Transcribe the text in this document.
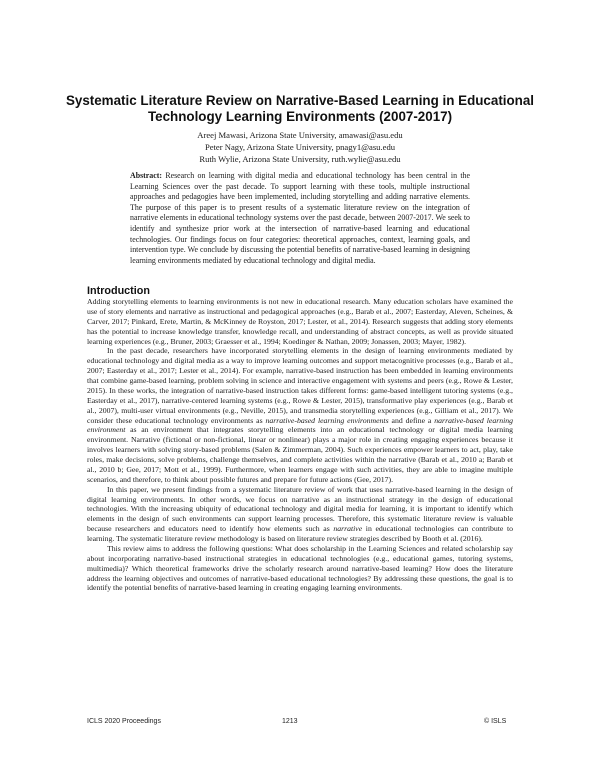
Systematic Literature Review on Narrative-Based Learning in Educational Technology Learning Environments (2007-2017)
Areej Mawasi, Arizona State University, amawasi@asu.edu
Peter Nagy, Arizona State University, pnagy1@asu.edu
Ruth Wylie, Arizona State University, ruth.wylie@asu.edu
Abstract: Research on learning with digital media and educational technology has been central in the Learning Sciences over the past decade. To support learning with these tools, multiple instructional approaches and pedagogies have been implemented, including storytelling and adding narrative elements. The purpose of this paper is to present results of a systematic literature review on the integration of narrative elements in educational technology systems over the past decade, between 2007-2017. We seek to identify and synthesize prior work at the intersection of narrative-based learning and educational technologies. Our findings focus on four categories: theoretical approaches, context, learning goals, and intervention type. We conclude by discussing the potential benefits of narrative-based learning in designing learning environments mediated by educational technology and digital media.
Introduction

Adding storytelling elements to learning environments is not new in educational research. Many education scholars have examined the use of story elements and narrative as instructional and pedagogical approaches (e.g., Barab et al., 2007; Easterday, Aleven, Scheines, & Carver, 2017; Pinkard, Erete, Martin, & McKinney de Royston, 2017; Lester, et al., 2014). Research suggests that adding story elements has the potential to increase knowledge transfer, knowledge recall, and understanding of abstract concepts, as well as provide situated learning experiences (e.g., Bruner, 2003; Graesser et al., 1994; Koedinger & Nathan, 2009; Jonassen, 2003; Mayer, 1982).

In the past decade, researchers have incorporated storytelling elements in the design of learning environments mediated by educational technology and digital media as a way to improve learning outcomes and support metacognitive processes (e.g., Barab et al., 2007; Easterday et al., 2017; Lester et al., 2014). For example, narrative-based instruction has been embedded in learning environments that combine game-based learning, problem solving in science and interactive engagement with systems and peers (e.g., Rowe & Lester, 2015). In these works, the integration of narrative-based instruction takes different forms: game-based intelligent tutoring systems (e.g., Easterday et al., 2017), narrative-centered learning systems (e.g., Rowe & Lester, 2015), transformative play experiences (e.g., Barab et al., 2007), multi-user virtual environments (e.g., Neville, 2015), and transmedia storytelling experiences (e.g., Gilliam et al., 2017). We consider these educational technology environments as narrative-based learning environments and define a narrative-based learning environment as an environment that integrates storytelling elements into an educational technology or digital media learning environment. Narrative (fictional or non-fictional, linear or nonlinear) plays a major role in creating engaging experiences because it involves learners with solving story-based problems (Salen & Zimmerman, 2004). Such experiences empower learners to act, play, take roles, make decisions, solve problems, challenge themselves, and complete activities within the narrative (Barab et al., 2010 a; Barab et al., 2010 b; Gee, 2017; Mott et al., 1999). Furthermore, when learners engage with such activities, they are able to imagine multiple scenarios, and therefore, to think about possible futures and prepare for future actions (Gee, 2017).

In this paper, we present findings from a systematic literature review of work that uses narrative-based learning in the design of digital learning environments. In other words, we focus on narrative as an instructional strategy in the design of educational technologies. With the increasing ubiquity of educational technology and digital media for learning, it is important to identify which elements in the design of such environments can support learning processes. Therefore, this systematic literature review is valuable because researchers and educators need to identify how elements such as narrative in educational technologies can contribute to learning. The systematic literature review methodology is based on literature review strategies described by Booth et al. (2016).

This review aims to address the following questions: What does scholarship in the Learning Sciences and related scholarship say about incorporating narrative-based instructional strategies in educational technologies (e.g., educational games, tutoring systems, multimedia)? Which theoretical frameworks drive the scholarly research around narrative-based learning? How does the literature address the learning objectives and outcomes of narrative-based educational technologies? By addressing these questions, the goal is to identify the potential benefits of narrative-based learning in creating engaging learning environments.

ICLS 2020 Proceedings	1213	© ISLS
